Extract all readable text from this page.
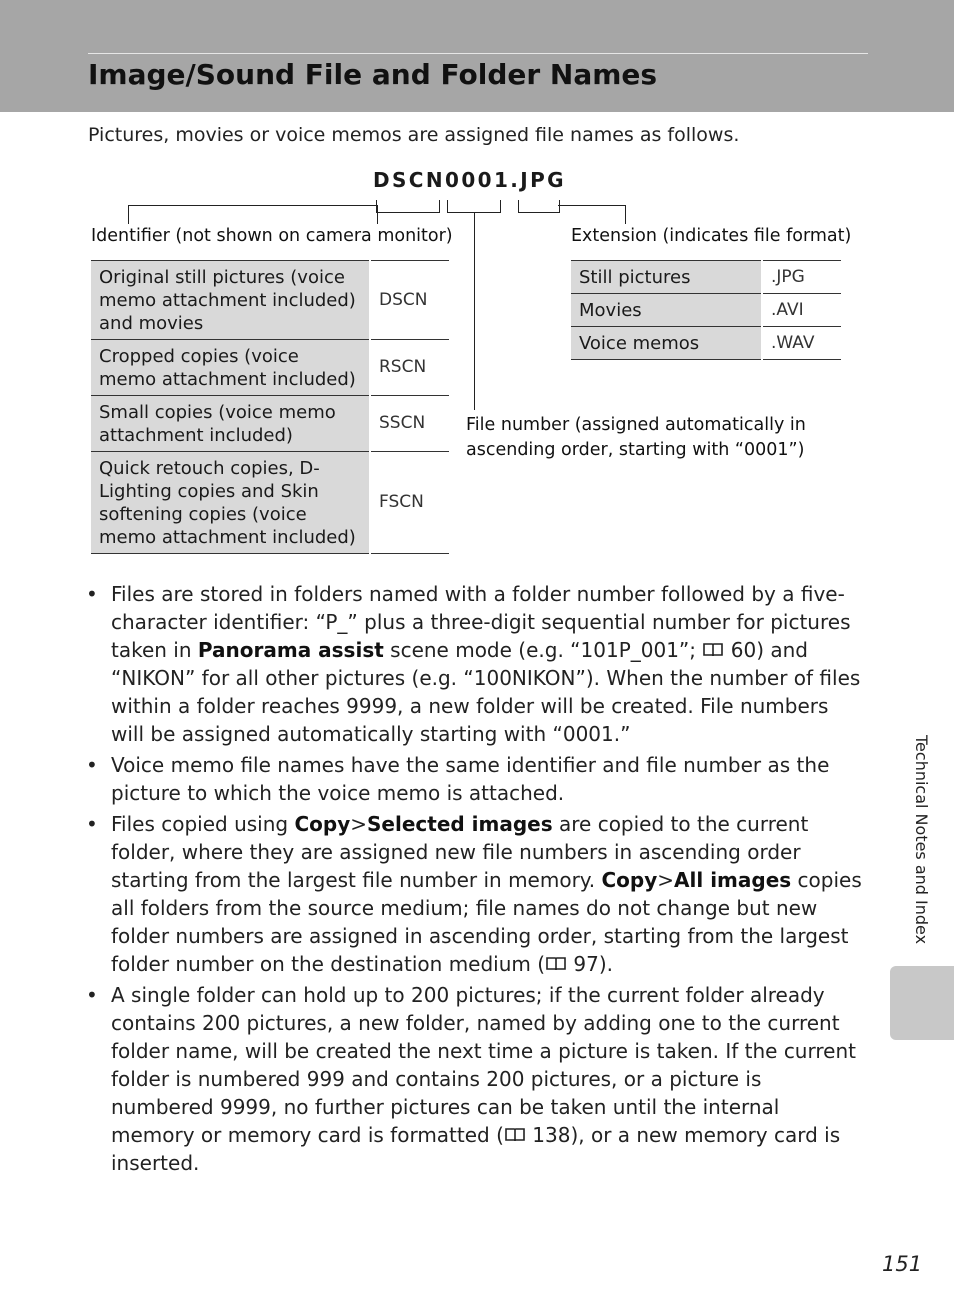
Image/Sound File and Folder Names
Pictures, movies or voice memos are assigned file names as follows.
DSCN0001.JPG
Identifier (not shown on camera monitor)	Extension (indicates file format)
File number (assigned automatically in ascending order, starting with “0001”)
Original still pictures (voice memo attachment included) and movies	DSCN
Cropped copies (voice memo attachment included)	RSCN
Small copies (voice memo attachment included)	SSCN
Quick retouch copies, D-Lighting copies and Skin softening copies (voice memo attachment included)	FSCN
Still pictures	.JPG
Movies	.AVI
Voice memos	.WAV
• Files are stored in folders named with a folder number followed by a five-character identifier: “P_” plus a three-digit sequential number for pictures taken in Panorama assist scene mode (e.g. “101P_001”;  60) and “NIKON” for all other pictures (e.g. “100NIKON”). When the number of files within a folder reaches 9999, a new folder will be created. File numbers will be assigned automatically starting with “0001.”
• Voice memo file names have the same identifier and file number as the picture to which the voice memo is attached.
• Files copied using Copy>Selected images are copied to the current folder, where they are assigned new file numbers in ascending order starting from the largest file number in memory. Copy>All images copies all folders from the source medium; file names do not change but new folder numbers are assigned in ascending order, starting from the largest folder number on the destination medium ( 97).
• A single folder can hold up to 200 pictures; if the current folder already contains 200 pictures, a new folder, named by adding one to the current folder name, will be created the next time a picture is taken. If the current folder is numbered 999 and contains 200 pictures, or a picture is numbered 9999, no further pictures can be taken until the internal memory or memory card is formatted ( 138), or a new memory card is inserted.
Technical Notes and Index
151
